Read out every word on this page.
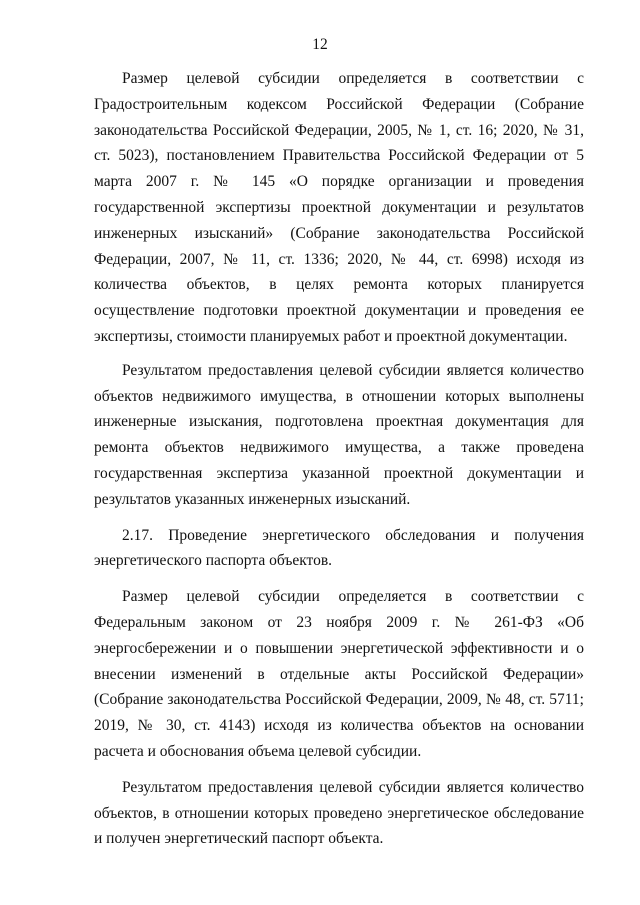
12

Размер целевой субсидии определяется в соответствии с Градостроительным кодексом Российской Федерации (Собрание законодательства Российской Федерации, 2005, № 1, ст. 16; 2020, № 31, ст. 5023), постановлением Правительства Российской Федерации от 5 марта 2007 г. № 145 «О порядке организации и проведения государственной экспертизы проектной документации и результатов инженерных изысканий» (Собрание законодательства Российской Федерации, 2007, № 11, ст. 1336; 2020, № 44, ст. 6998) исходя из количества объектов, в целях ремонта которых планируется осуществление подготовки проектной документации и проведения ее экспертизы, стоимости планируемых работ и проектной документации.

Результатом предоставления целевой субсидии является количество объектов недвижимого имущества, в отношении которых выполнены инженерные изыскания, подготовлена проектная документация для ремонта объектов недвижимого имущества, а также проведена государственная экспертиза указанной проектной документации и результатов указанных инженерных изысканий.

2.17. Проведение энергетического обследования и получения энергетического паспорта объектов.

Размер целевой субсидии определяется в соответствии с Федеральным законом от 23 ноября 2009 г. № 261-ФЗ «Об энергосбережении и о повышении энергетической эффективности и о внесении изменений в отдельные акты Российской Федерации» (Собрание законодательства Российской Федерации, 2009, № 48, ст. 5711; 2019, № 30, ст. 4143) исходя из количества объектов на основании расчета и обоснования объема целевой субсидии.

Результатом предоставления целевой субсидии является количество объектов, в отношении которых проведено энергетическое обследование и получен энергетический паспорт объекта.
